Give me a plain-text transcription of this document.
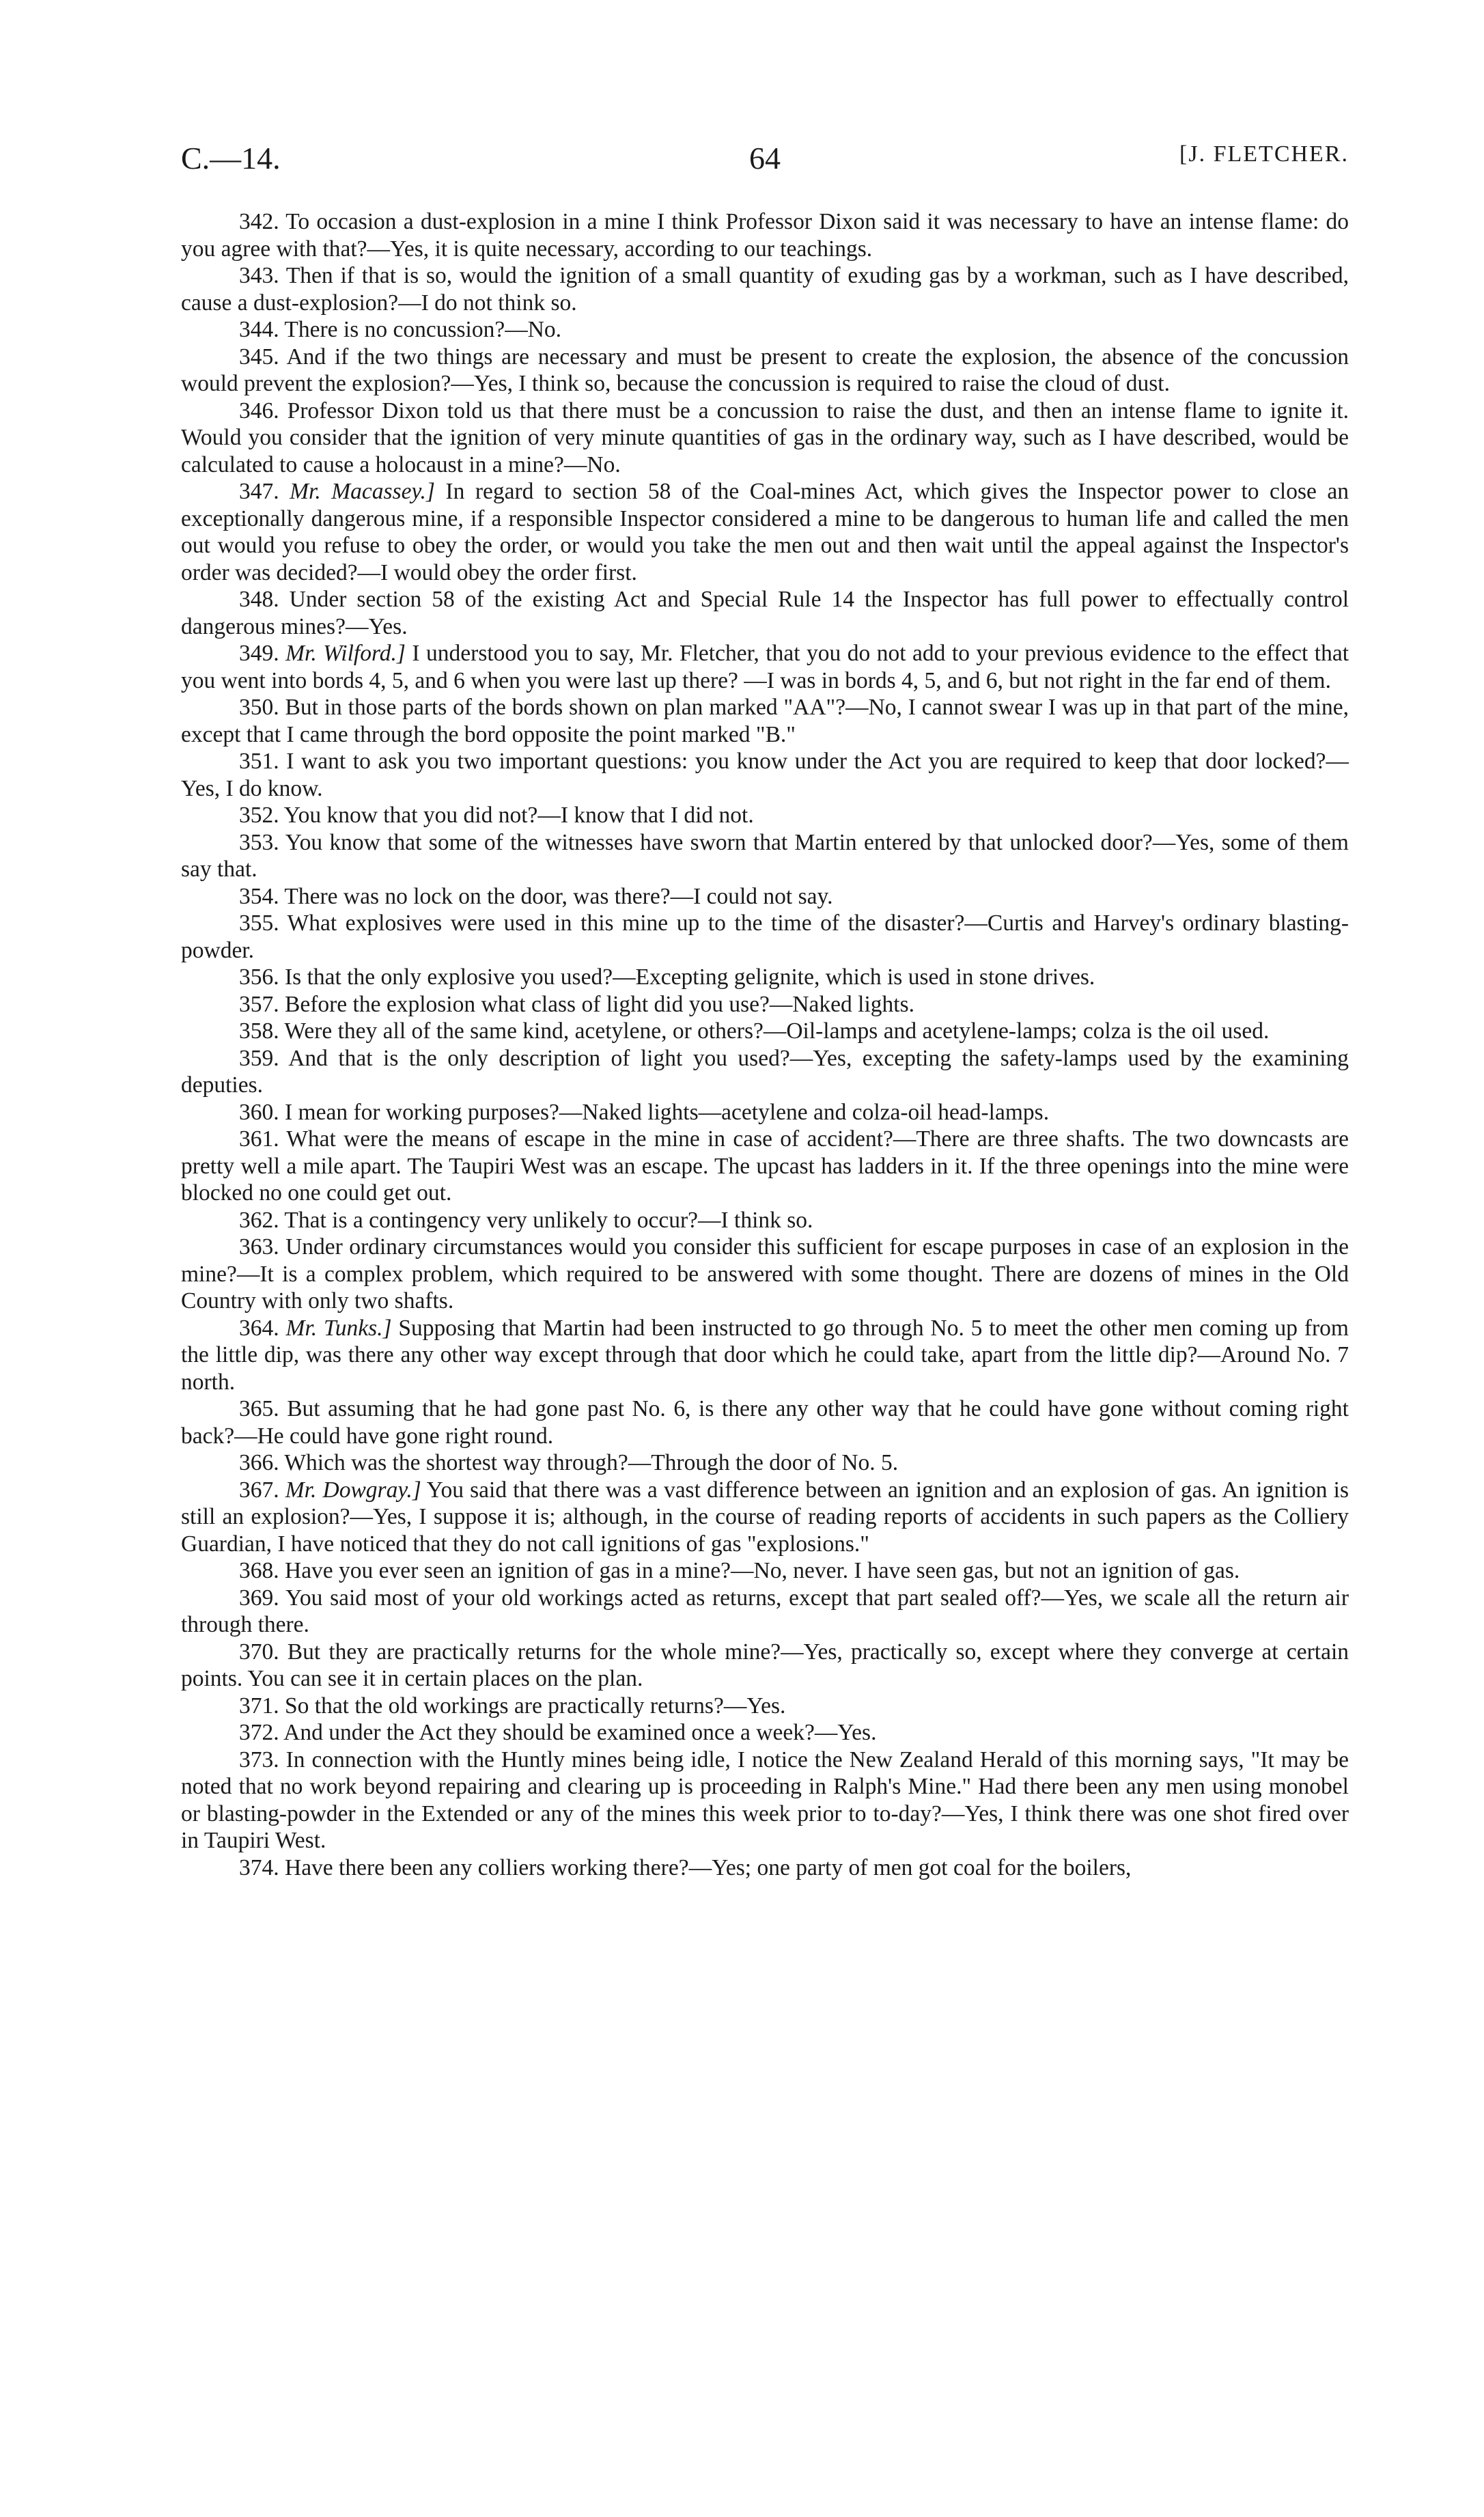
C.—14.	64	[J. FLETCHER.

342. To occasion a dust-explosion in a mine I think Professor Dixon said it was necessary to have an intense flame: do you agree with that?—Yes, it is quite necessary, according to our teachings.

343. Then if that is so, would the ignition of a small quantity of exuding gas by a workman, such as I have described, cause a dust-explosion?—I do not think so.

344. There is no concussion?—No.

345. And if the two things are necessary and must be present to create the explosion, the absence of the concussion would prevent the explosion?—Yes, I think so, because the concussion is required to raise the cloud of dust.

346. Professor Dixon told us that there must be a concussion to raise the dust, and then an intense flame to ignite it. Would you consider that the ignition of very minute quantities of gas in the ordinary way, such as I have described, would be calculated to cause a holocaust in a mine?—No.

347. Mr. Macassey.] In regard to section 58 of the Coal-mines Act, which gives the Inspector power to close an exceptionally dangerous mine, if a responsible Inspector considered a mine to be dangerous to human life and called the men out would you refuse to obey the order, or would you take the men out and then wait until the appeal against the Inspector's order was decided?—I would obey the order first.

348. Under section 58 of the existing Act and Special Rule 14 the Inspector has full power to effectually control dangerous mines?—Yes.

349. Mr. Wilford.] I understood you to say, Mr. Fletcher, that you do not add to your previous evidence to the effect that you went into bords 4, 5, and 6 when you were last up there? —I was in bords 4, 5, and 6, but not right in the far end of them.

350. But in those parts of the bords shown on plan marked "AA"?—No, I cannot swear I was up in that part of the mine, except that I came through the bord opposite the point marked "B."

351. I want to ask you two important questions: you know under the Act you are required to keep that door locked?—Yes, I do know.

352. You know that you did not?—I know that I did not.

353. You know that some of the witnesses have sworn that Martin entered by that unlocked door?—Yes, some of them say that.

354. There was no lock on the door, was there?—I could not say.

355. What explosives were used in this mine up to the time of the disaster?—Curtis and Harvey's ordinary blasting-powder.

356. Is that the only explosive you used?—Excepting gelignite, which is used in stone drives.

357. Before the explosion what class of light did you use?—Naked lights.

358. Were they all of the same kind, acetylene, or others?—Oil-lamps and acetylene-lamps; colza is the oil used.

359. And that is the only description of light you used?—Yes, excepting the safety-lamps used by the examining deputies.

360. I mean for working purposes?—Naked lights—acetylene and colza-oil head-lamps.

361. What were the means of escape in the mine in case of accident?—There are three shafts. The two downcasts are pretty well a mile apart. The Taupiri West was an escape. The upcast has ladders in it. If the three openings into the mine were blocked no one could get out.

362. That is a contingency very unlikely to occur?—I think so.

363. Under ordinary circumstances would you consider this sufficient for escape purposes in case of an explosion in the mine?—It is a complex problem, which required to be answered with some thought. There are dozens of mines in the Old Country with only two shafts.

364. Mr. Tunks.] Supposing that Martin had been instructed to go through No. 5 to meet the other men coming up from the little dip, was there any other way except through that door which he could take, apart from the little dip?—Around No. 7 north.

365. But assuming that he had gone past No. 6, is there any other way that he could have gone without coming right back?—He could have gone right round.

366. Which was the shortest way through?—Through the door of No. 5.

367. Mr. Dowgray.] You said that there was a vast difference between an ignition and an explosion of gas. An ignition is still an explosion?—Yes, I suppose it is; although, in the course of reading reports of accidents in such papers as the Colliery Guardian, I have noticed that they do not call ignitions of gas "explosions."

368. Have you ever seen an ignition of gas in a mine?—No, never. I have seen gas, but not an ignition of gas.

369. You said most of your old workings acted as returns, except that part sealed off?—Yes, we scale all the return air through there.

370. But they are practically returns for the whole mine?—Yes, practically so, except where they converge at certain points. You can see it in certain places on the plan.

371. So that the old workings are practically returns?—Yes.

372. And under the Act they should be examined once a week?—Yes.

373. In connection with the Huntly mines being idle, I notice the New Zealand Herald of this morning says, "It may be noted that no work beyond repairing and clearing up is proceeding in Ralph's Mine." Had there been any men using monobel or blasting-powder in the Extended or any of the mines this week prior to to-day?—Yes, I think there was one shot fired over in Taupiri West.

374. Have there been any colliers working there?—Yes; one party of men got coal for the boilers,
